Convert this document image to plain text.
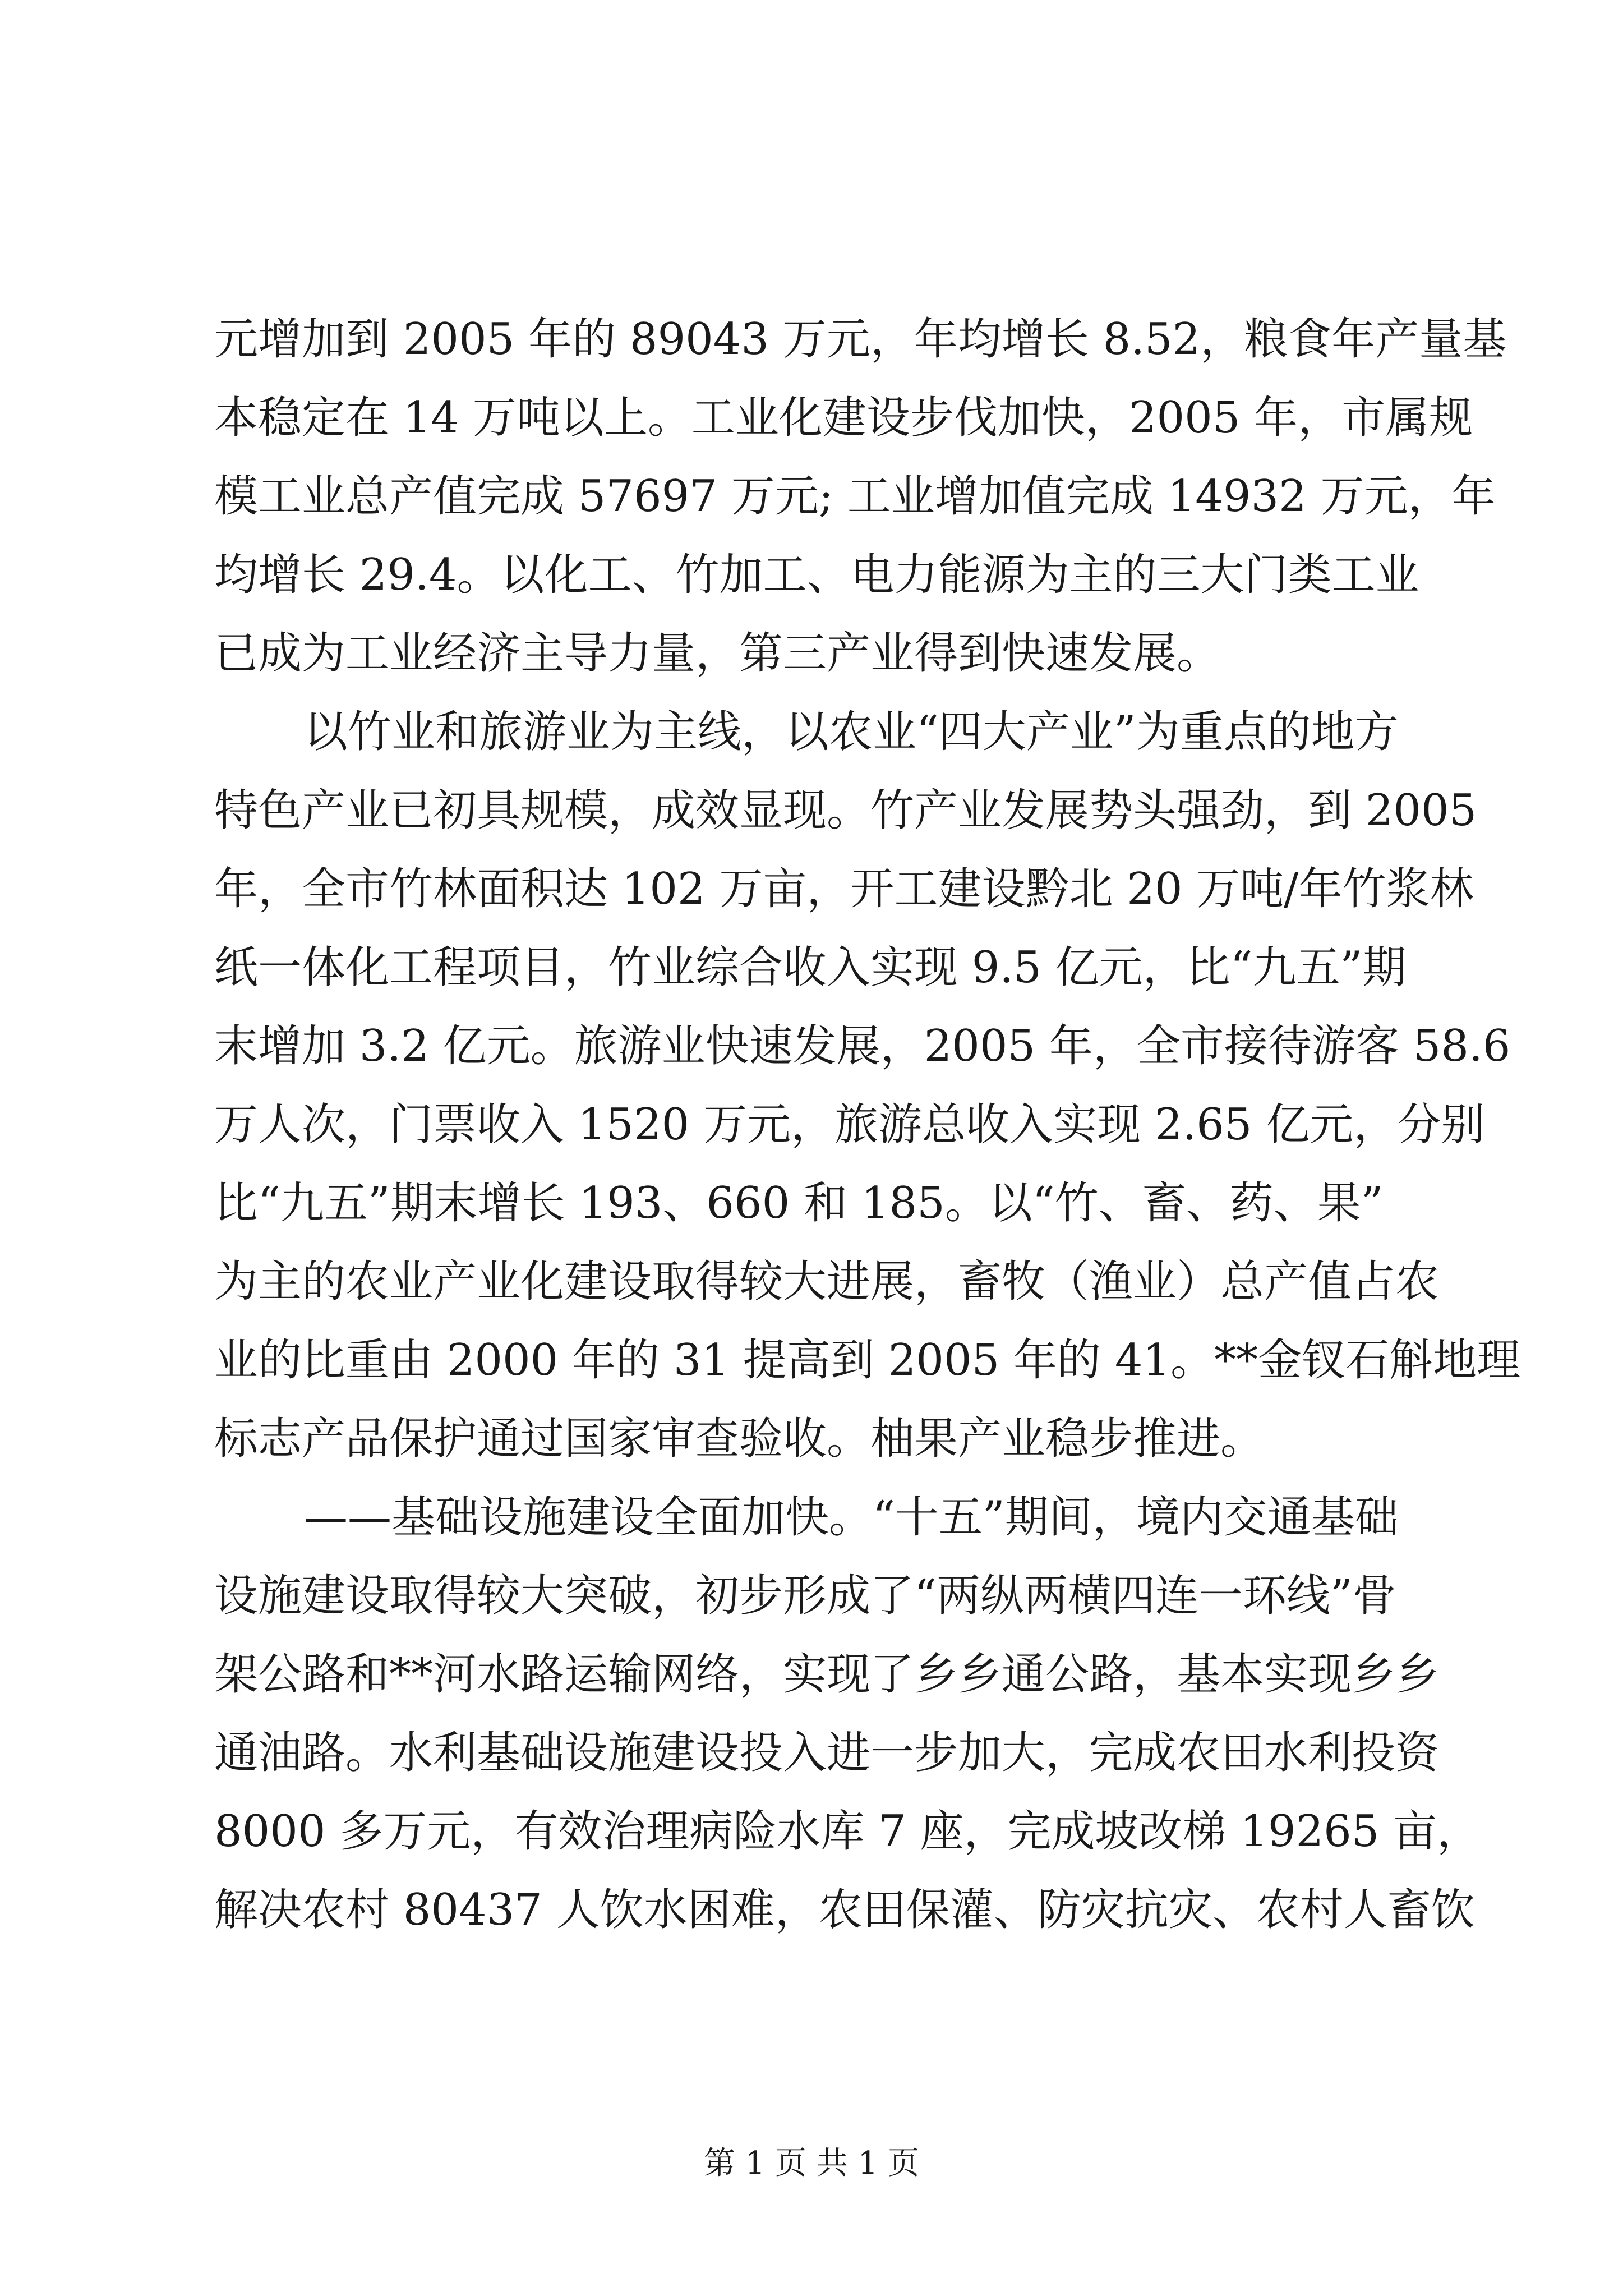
元增加到 2005 年的 89043 万元，年均增长 8.52，粮食年产量基
本稳定在 14 万吨以上。工业化建设步伐加快，2005 年，市属规
模工业总产值完成 57697 万元; 工业增加值完成 14932 万元，年
均增长 29.4。以化工、竹加工、电力能源为主的三大门类工业
已成为工业经济主导力量，第三产业得到快速发展。
以竹业和旅游业为主线，以农业“四大产业”为重点的地方
特色产业已初具规模，成效显现。竹产业发展势头强劲，到 2005
年，全市竹林面积达 102 万亩，开工建设黔北 20 万吨/年竹浆林
纸一体化工程项目，竹业综合收入实现 9.5 亿元，比“九五”期
末增加 3.2 亿元。旅游业快速发展，2005 年，全市接待游客 58.6
万人次，门票收入 1520 万元，旅游总收入实现 2.65 亿元，分别
比“九五”期末增长 193、660 和 185。以“竹、畜、药、果”
为主的农业产业化建设取得较大进展，畜牧（渔业）总产值占农
业的比重由 2000 年的 31 提高到 2005 年的 41。**金钗石斛地理
标志产品保护通过国家审查验收。柚果产业稳步推进。
——基础设施建设全面加快。“十五”期间，境内交通基础
设施建设取得较大突破，初步形成了“两纵两横四连一环线”骨
架公路和**河水路运输网络，实现了乡乡通公路，基本实现乡乡
通油路。水利基础设施建设投入进一步加大，完成农田水利投资
8000 多万元，有效治理病险水库 7 座，完成坡改梯 19265 亩，
解决农村 80437 人饮水困难，农田保灌、防灾抗灾、农村人畜饮
第 1 页 共 1 页
